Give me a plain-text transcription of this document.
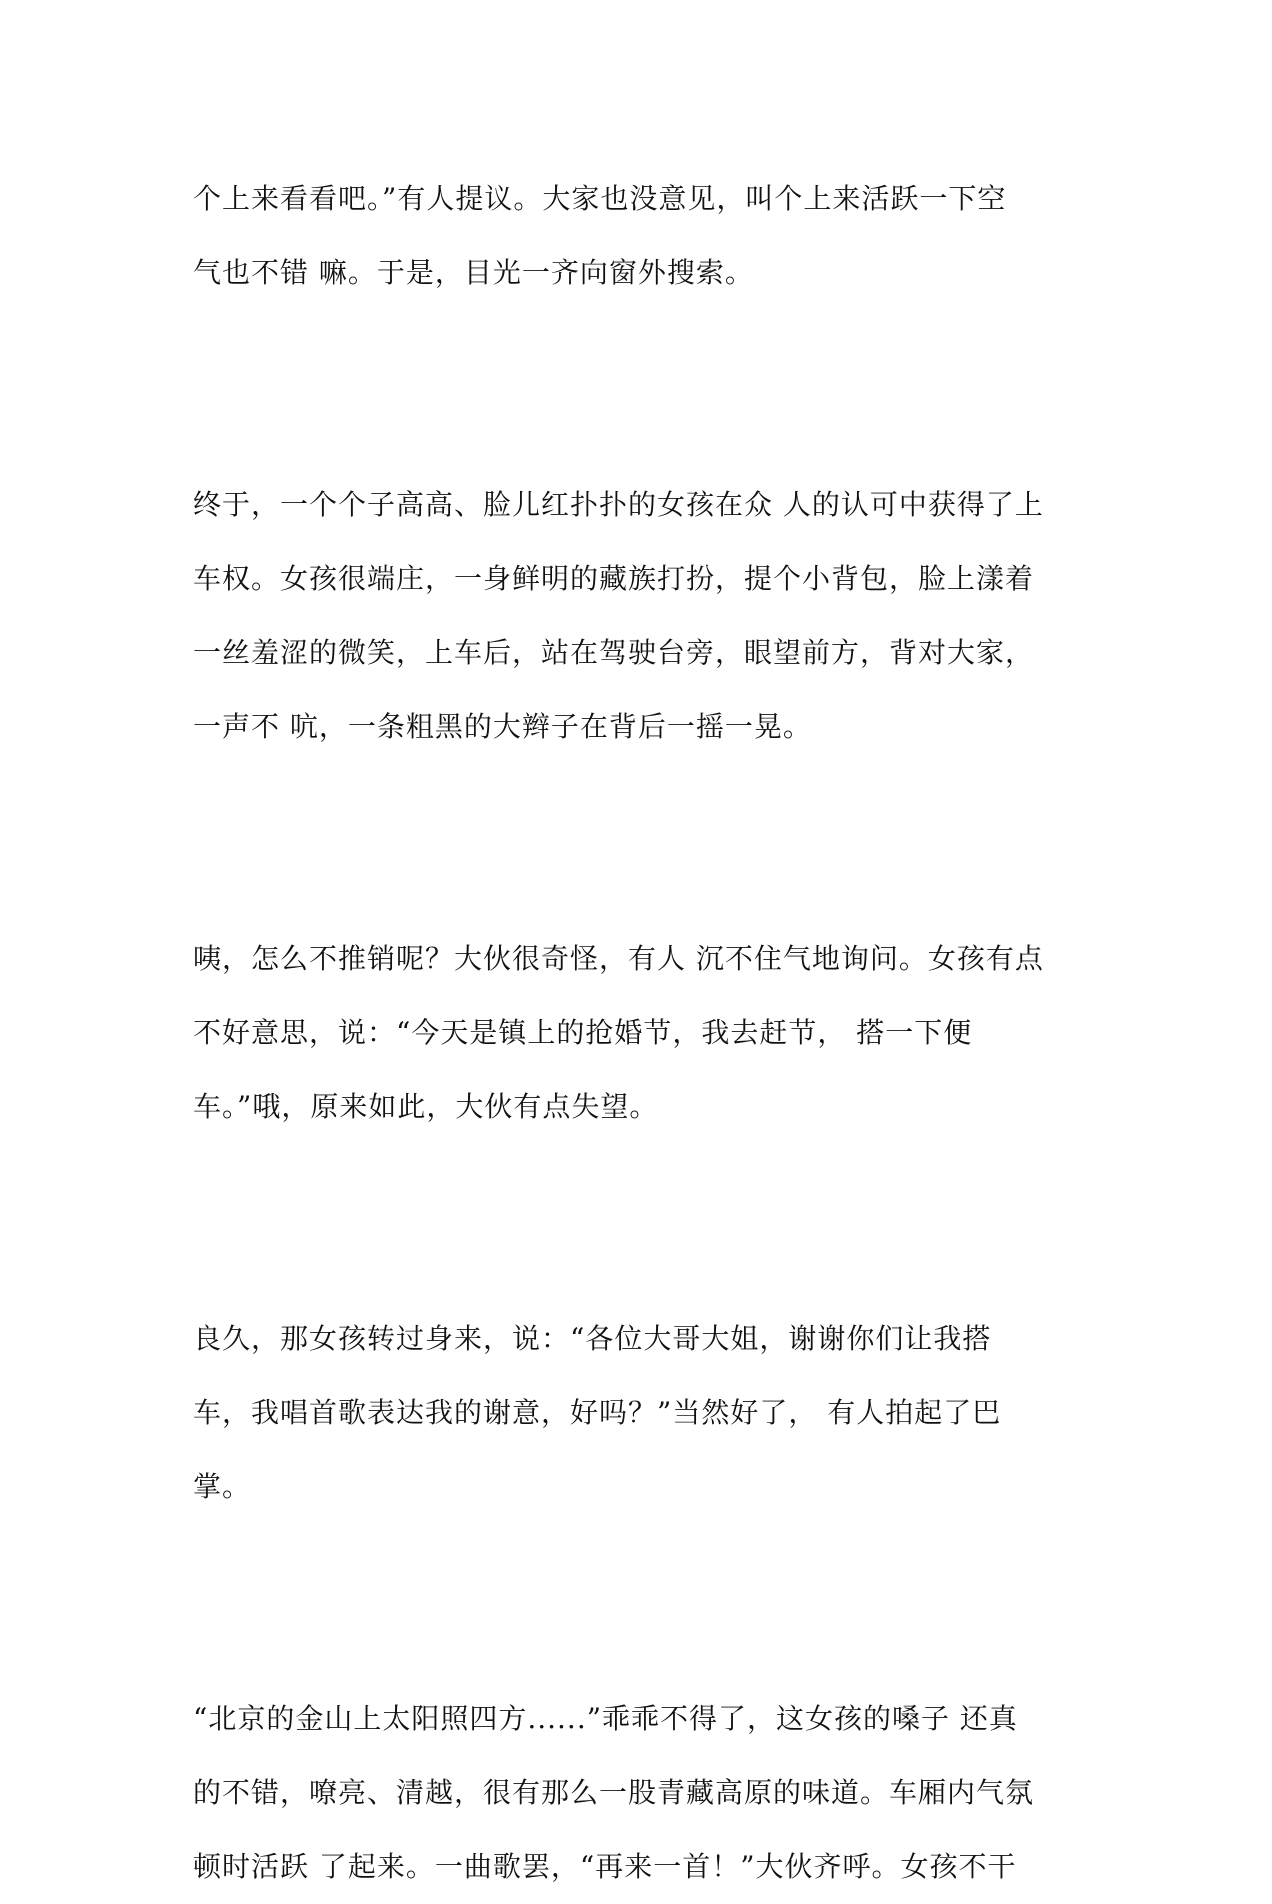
个上来看看吧。”有人提议。大家也没意见，叫个上来活跃一下空
气也不错 嘛。于是，目光一齐向窗外搜索。
终于，一个个子高高、脸儿红扑扑的女孩在众 人的认可中获得了上
车权。女孩很端庄，一身鲜明的藏族打扮，提个小背包，脸上漾着
一丝羞涩的微笑，上车后，站在驾驶台旁，眼望前方，背对大家，
一声不 吭，一条粗黑的大辫子在背后一摇一晃。
咦，怎么不推销呢？大伙很奇怪，有人 沉不住气地询问。女孩有点
不好意思，说：“今天是镇上的抢婚节，我去赶节， 搭一下便
车。”哦，原来如此，大伙有点失望。
良久，那女孩转过身来，说：“各位大哥大姐，谢谢你们让我搭
车，我唱首歌表达我的谢意，好吗？”当然好了， 有人拍起了巴
掌。
“北京的金山上太阳照四方......”乖乖不得了，这女孩的嗓子 还真
的不错，嘹亮、清越，很有那么一股青藏高原的味道。车厢内气氛
顿时活跃 了起来。一曲歌罢，“再来一首！”大伙齐呼。女孩不干
